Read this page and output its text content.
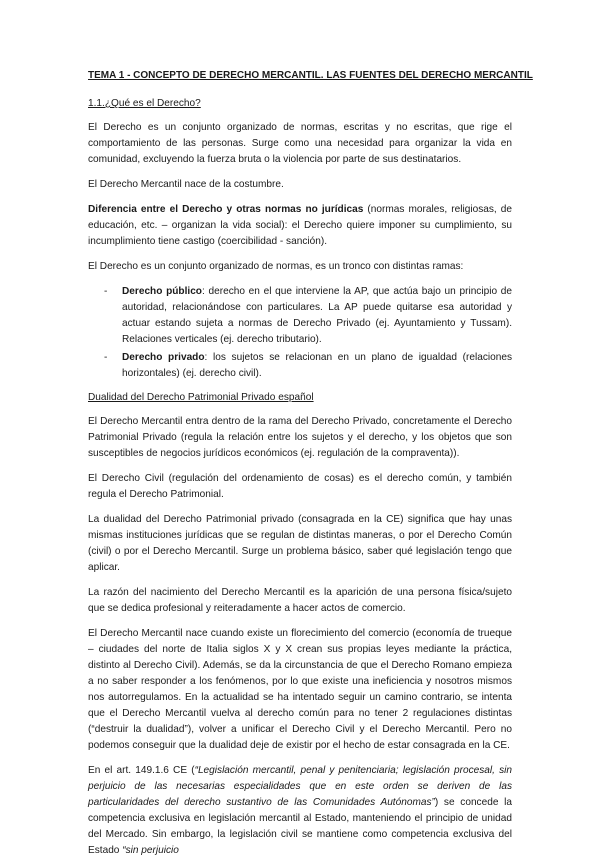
TEMA 1 - CONCEPTO DE DERECHO MERCANTIL. LAS FUENTES DEL DERECHO MERCANTIL
1.1.¿Qué es el Derecho?

El Derecho es un conjunto organizado de normas, escritas y no escritas, que rige el comportamiento de las personas. Surge como una necesidad para organizar la vida en comunidad, excluyendo la fuerza bruta o la violencia por parte de sus destinatarios.

El Derecho Mercantil nace de la costumbre.

Diferencia entre el Derecho y otras normas no jurídicas (normas morales, religiosas, de educación, etc. – organizan la vida social): el Derecho quiere imponer su cumplimiento, su incumplimiento tiene castigo (coercibilidad - sanción).

El Derecho es un conjunto organizado de normas, es un tronco con distintas ramas:

- Derecho público: derecho en el que interviene la AP, que actúa bajo un principio de autoridad, relacionándose con particulares. La AP puede quitarse esa autoridad y actuar estando sujeta a normas de Derecho Privado (ej. Ayuntamiento y Tussam). Relaciones verticales (ej. derecho tributario).
- Derecho privado: los sujetos se relacionan en un plano de igualdad (relaciones horizontales) (ej. derecho civil).
Dualidad del Derecho Patrimonial Privado español

El Derecho Mercantil entra dentro de la rama del Derecho Privado, concretamente el Derecho Patrimonial Privado (regula la relación entre los sujetos y el derecho, y los objetos que son susceptibles de negocios jurídicos económicos (ej. regulación de la compraventa)).

El Derecho Civil (regulación del ordenamiento de cosas) es el derecho común, y también regula el Derecho Patrimonial.

La dualidad del Derecho Patrimonial privado (consagrada en la CE) significa que hay unas mismas instituciones jurídicas que se regulan de distintas maneras, o por el Derecho Común (civil) o por el Derecho Mercantil. Surge un problema básico, saber qué legislación tengo que aplicar.

La razón del nacimiento del Derecho Mercantil es la aparición de una persona física/sujeto que se dedica profesional y reiteradamente a hacer actos de comercio.

El Derecho Mercantil nace cuando existe un florecimiento del comercio (economía de trueque – ciudades del norte de Italia siglos X y X crean sus propias leyes mediante la práctica, distinto al Derecho Civil). Además, se da la circunstancia de que el Derecho Romano empieza a no saber responder a los fenómenos, por lo que existe una ineficiencia y nosotros mismos nos autorregulamos. En la actualidad se ha intentado seguir un camino contrario, se intenta que el Derecho Mercantil vuelva al derecho común para no tener 2 regulaciones distintas (“destruir la dualidad”), volver a unificar el Derecho Civil y el Derecho Mercantil. Pero no podemos conseguir que la dualidad deje de existir por el hecho de estar consagrada en la CE.

En el art. 149.1.6 CE (“Legislación mercantil, penal y penitenciaria; legislación procesal, sin perjuicio de las necesarias especialidades que en este orden se deriven de las particularidades del derecho sustantivo de las Comunidades Autónomas”) se concede la competencia exclusiva en legislación mercantil al Estado, manteniendo el principio de unidad del Mercado. Sin embargo, la legislación civil se mantiene como competencia exclusiva del Estado “sin perjuicio
